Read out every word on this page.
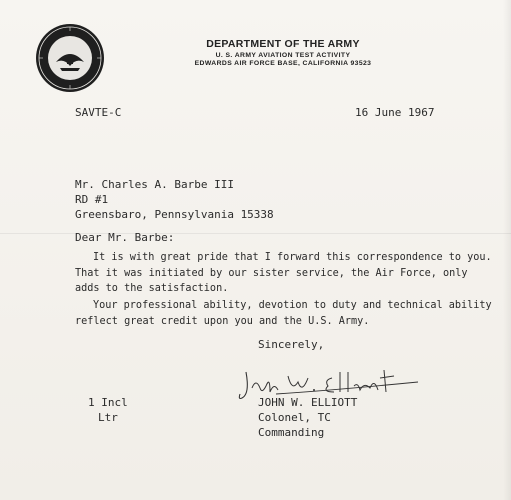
DEPARTMENT OF THE ARMY
U. S. ARMY AVIATION TEST ACTIVITY
EDWARDS AIR FORCE BASE, CALIFORNIA 93523
SAVTE-C	16 June 1967
Mr. Charles A. Barbe III
RD #1
Greensbaro, Pennsylvania 15338
Dear Mr. Barbe:
It is with great pride that I forward this correspondence to you.
That it was initiated by our sister service, the Air Force, only
adds to the satisfaction.
Your professional ability, devotion to duty and technical ability
reflect great credit upon you and the U.S. Army.
Sincerely,
1 Incl
Ltr
JOHN W. ELLIOTT
Colonel, TC
Commanding
